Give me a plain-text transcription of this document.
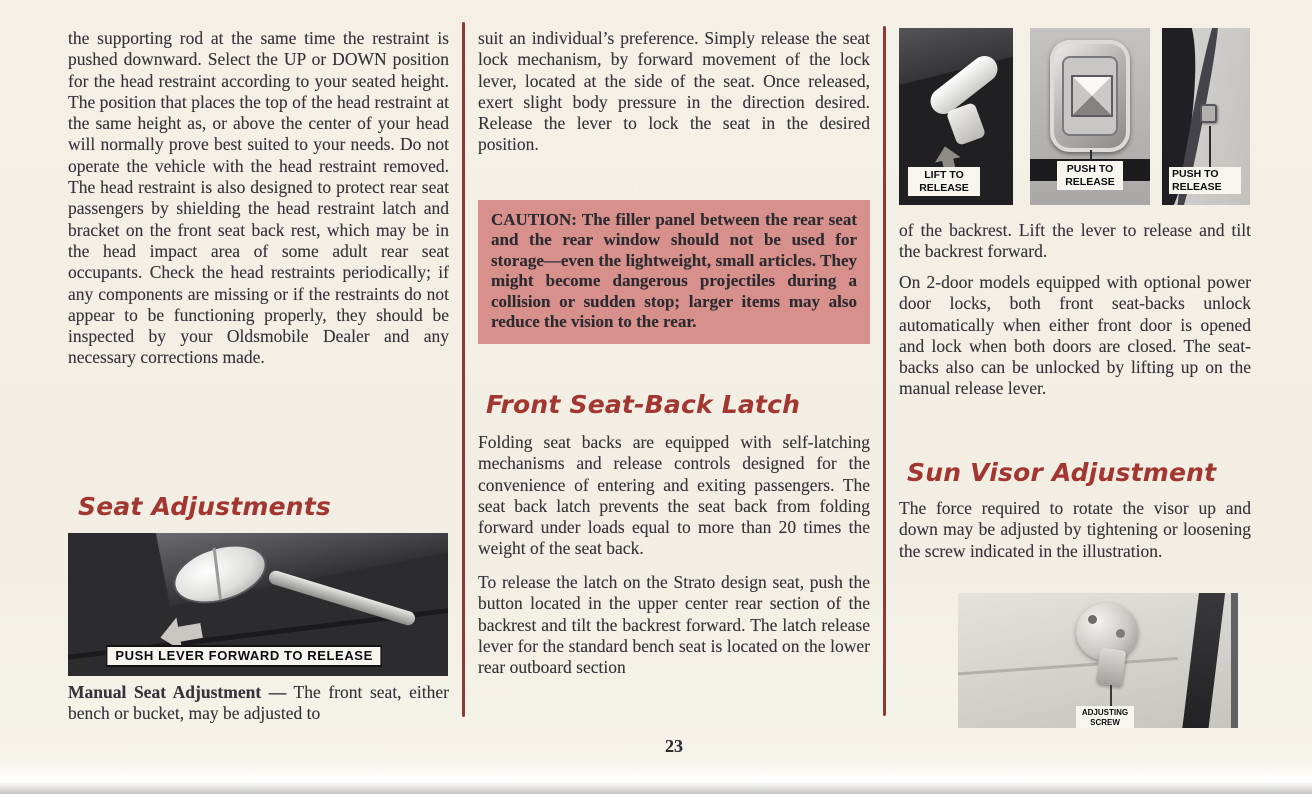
the supporting rod at the same time the restraint is pushed downward. Select the UP or DOWN position for the head restraint according to your seated height. The position that places the top of the head restraint at the same height as, or above the center of your head will normally prove best suited to your needs. Do not operate the vehicle with the head restraint removed. The head restraint is also designed to protect rear seat passengers by shielding the head restraint latch and bracket on the front seat back rest, which may be in the head impact area of some adult rear seat occupants. Check the head restraints periodically; if any components are missing or if the restraints do not appear to be functioning properly, they should be inspected by your Oldsmobile Dealer and any necessary corrections made.

Seat Adjustments
PUSH LEVER FORWARD TO RELEASE

Manual Seat Adjustment — The front seat, either bench or bucket, may be adjusted to

suit an individual’s preference. Simply release the seat lock mechanism, by forward movement of the lock lever, located at the side of the seat. Once released, exert slight body pressure in the direction desired. Release the lever to lock the seat in the desired position.

CAUTION: The filler panel between the rear seat and the rear window should not be used for storage—even the lightweight, small articles. They might become dangerous projectiles during a collision or sudden stop; larger items may also reduce the vision to the rear.

Front Seat-Back Latch

Folding seat backs are equipped with self-latching mechanisms and release controls designed for the convenience of entering and exiting passengers. The seat back latch prevents the seat back from folding forward under loads equal to more than 20 times the weight of the seat back.

To release the latch on the Strato design seat, push the button located in the upper center rear section of the backrest and tilt the backrest forward. The latch release lever for the standard bench seat is located on the lower rear outboard section

23
LIFT TO RELEASE
PUSH TO RELEASE
PUSH TO RELEASE

of the backrest. Lift the lever to release and tilt the backrest forward.

On 2-door models equipped with optional power door locks, both front seat-backs unlock automatically when either front door is opened and lock when both doors are closed. The seat-backs also can be unlocked by lifting up on the manual release lever.

Sun Visor Adjustment

The force required to rotate the visor up and down may be adjusted by tightening or loosening the screw indicated in the illustration.

ADJUSTING SCREW
